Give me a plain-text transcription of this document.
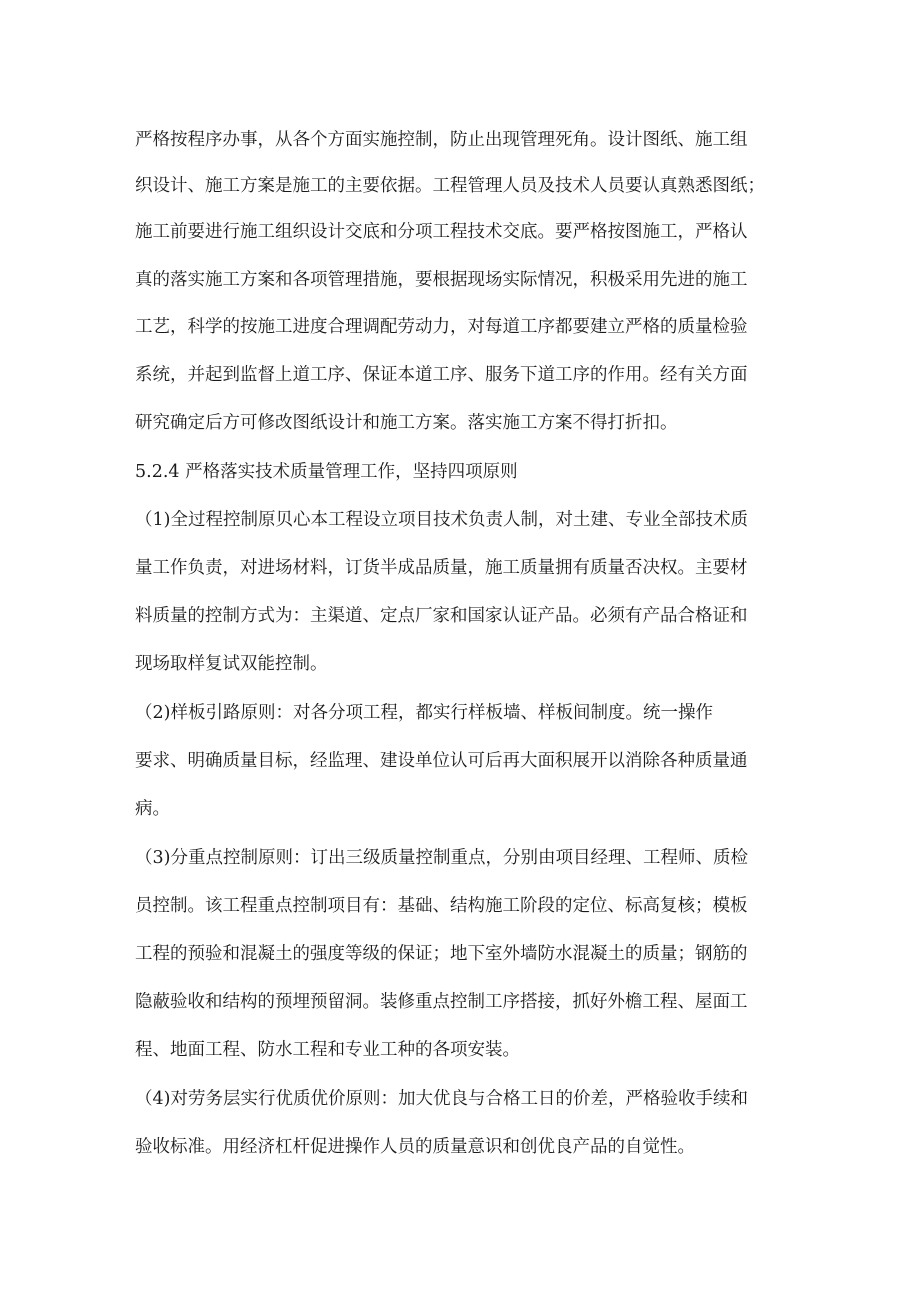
严格按程序办事，从各个方面实施控制，防止出现管理死角。设计图纸、施工组
织设计、施工方案是施工的主要依据。工程管理人员及技术人员要认真熟悉图纸；
施工前要进行施工组织设计交底和分项工程技术交底。要严格按图施工，严格认
真的落实施工方案和各项管理措施，要根据现场实际情况，积极采用先进的施工
工艺，科学的按施工进度合理调配劳动力，对每道工序都要建立严格的质量检验
系统，并起到监督上道工序、保证本道工序、服务下道工序的作用。经有关方面
研究确定后方可修改图纸设计和施工方案。落实施工方案不得打折扣。
5.2.4 严格落实技术质量管理工作，坚持四项原则
（1)全过程控制原贝心本工程设立项目技术负责人制，对土建、专业全部技术质
量工作负责，对进场材料，订货半成品质量，施工质量拥有质量否决权。主要材
料质量的控制方式为：主渠道、定点厂家和国家认证产品。必须有产品合格证和
现场取样复试双能控制。
（2)样板引路原则：对各分项工程，都实行样板墙、样板间制度。统一操作
要求、明确质量目标，经监理、建设单位认可后再大面积展开以消除各种质量通
病。
（3)分重点控制原则：订出三级质量控制重点，分别由项目经理、工程师、质检
员控制。该工程重点控制项目有：基础、结构施工阶段的定位、标高复核；模板
工程的预验和混凝土的强度等级的保证；地下室外墙防水混凝土的质量；钢筋的
隐蔽验收和结构的预埋预留洞。装修重点控制工序搭接，抓好外檐工程、屋面工
程、地面工程、防水工程和专业工种的各项安装。
（4)对劳务层实行优质优价原则：加大优良与合格工日的价差，严格验收手续和
验收标准。用经济杠杆促进操作人员的质量意识和创优良产品的自觉性。
